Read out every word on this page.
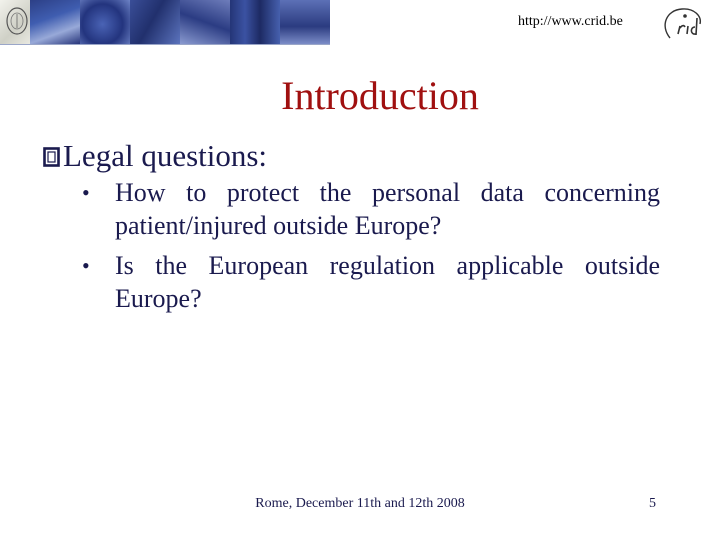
http://www.crid.be
Introduction
Legal questions:
• How to protect the personal data concerning patient/injured outside Europe?
• Is the European regulation applicable outside Europe?
Rome, December 11th and 12th 2008	5
